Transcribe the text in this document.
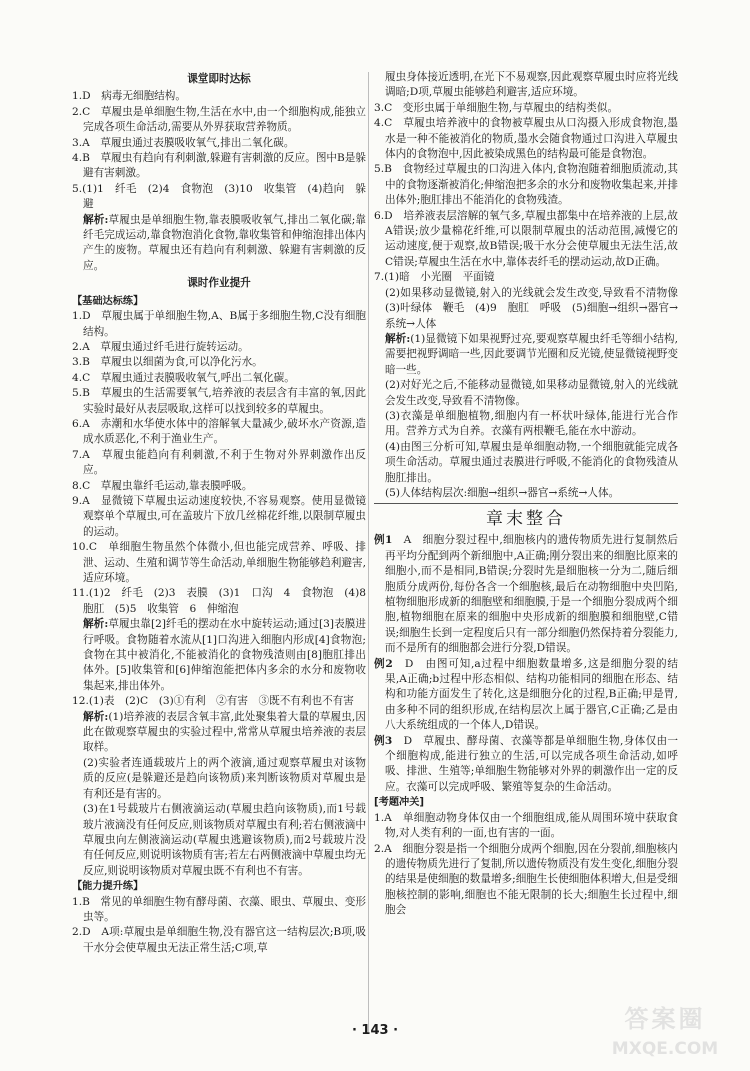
课堂即时达标

1.D　病毒无细胞结构。

2.C　草履虫是单细胞生物,生活在水中,由一个细胞构成,能独立完成各项生命活动,需要从外界获取营养物质。

3.A　草履虫通过表膜吸收氧气,排出二氧化碳。

4.B　草履虫有趋向有利刺激,躲避有害刺激的反应。图中B是躲避有害刺激。

5.(1)1　纤毛　(2)4　食物泡　(3)10　收集管　(4)趋向　躲避

解析:草履虫是单细胞生物,靠表膜吸收氧气,排出二氧化碳;靠纤毛完成运动,靠食物泡消化食物,靠收集管和伸缩泡排出体内产生的废物。草履虫还有趋向有利刺激、躲避有害刺激的反应。

课时作业提升

【基础达标练】

1.D　草履虫属于单细胞生物,A、B属于多细胞生物,C没有细胞结构。

2.A　草履虫通过纤毛进行旋转运动。

3.B　草履虫以细菌为食,可以净化污水。

4.C　草履虫通过表膜吸收氧气,呼出二氧化碳。

5.B　草履虫的生活需要氧气,培养液的表层含有丰富的氧,因此实验时最好从表层吸取,这样可以找到较多的草履虫。

6.A　赤潮和水华使水体中的溶解氧大量减少,破坏水产资源,造成水质恶化,不利于渔业生产。

7.A　草履虫能趋向有利刺激,不利于生物对外界刺激作出反应。

8.C　草履虫靠纤毛运动,靠表膜呼吸。

9.A　显微镜下草履虫运动速度较快,不容易观察。使用显微镜观察单个草履虫,可在盖玻片下放几丝棉花纤维,以限制草履虫的运动。

10.C　单细胞生物虽然个体微小,但也能完成营养、呼吸、排泄、运动、生殖和调节等生命活动,单细胞生物能够趋利避害,适应环境。

11.(1)2　纤毛　(2)3　表膜　(3)1　口沟　4　食物泡　(4)8　胞肛　(5)5　收集管　6　伸缩泡

解析:草履虫靠[2]纤毛的摆动在水中旋转运动;通过[3]表膜进行呼吸。食物随着水流从[1]口沟进入细胞内形成[4]食物泡;食物在其中被消化,不能被消化的食物残渣则由[8]胞肛排出体外。[5]收集管和[6]伸缩泡能把体内多余的水分和废物收集起来,排出体外。

12.(1)表　(2)C　(3)①有利　②有害　③既不有利也不有害

解析:(1)培养液的表层含氧丰富,此处聚集着大量的草履虫,因此在做观察草履虫的实验过程中,常常从草履虫培养液的表层取样。

(2)实验者连通载玻片上的两个液滴,通过观察草履虫对该物质的反应(是躲避还是趋向该物质)来判断该物质对草履虫是有利还是有害的。

(3)在1号载玻片右侧液滴运动(草履虫趋向该物质),而1号载玻片液滴没有任何反应,则该物质对草履虫有利;若右侧液滴中草履虫向左侧液滴运动(草履虫逃避该物质),而2号载玻片没有任何反应,则说明该物质有害;若左右两侧液滴中草履虫均无反应,则说明该物质对草履虫既不有利也不有害。

【能力提升练】

1.B　常见的单细胞生物有酵母菌、衣藻、眼虫、草履虫、变形虫等。

2.D　A项:草履虫是单细胞生物,没有器官这一结构层次;B项,吸干水分会使草履虫无法正常生活;C项,草

履虫身体接近透明,在光下不易观察,因此观察草履虫时应将光线调暗;D项,草履虫能够趋利避害,适应环境。

3.C　变形虫属于单细胞生物,与草履虫的结构类似。

4.C　草履虫培养液中的食物被草履虫从口沟摄入形成食物泡,墨水是一种不能被消化的物质,墨水会随食物通过口沟进入草履虫体内的食物泡中,因此被染成黑色的结构最可能是食物泡。

5.B　食物经过草履虫的口沟进入体内,食物泡随着细胞质流动,其中的食物逐渐被消化;伸缩泡把多余的水分和废物收集起来,并排出体外;胞肛排出不能消化的食物残渣。

6.D　培养液表层溶解的氧气多,草履虫都集中在培养液的上层,故A错误;放少量棉花纤维,可以限制草履虫的活动范围,减慢它的运动速度,便于观察,故B错误;吸干水分会使草履虫无法生活,故C错误;草履虫生活在水中,靠体表纤毛的摆动运动,故D正确。

7.(1)暗　小光圈　平面镜

(2)如果移动显微镜,射入的光线就会发生改变,导致看不清物像　(3)叶绿体　鞭毛　(4)9　胞肛　呼吸　(5)细胞→组织→器官→系统→人体

解析:(1)显微镜下如果视野过亮,要观察草履虫纤毛等细小结构,需要把视野调暗一些,因此要调节光圈和反光镜,使显微镜视野变暗一些。

(2)对好光之后,不能移动显微镜,如果移动显微镜,射入的光线就会发生改变,导致看不清物像。

(3)衣藻是单细胞植物,细胞内有一杯状叶绿体,能进行光合作用。营养方式为自养。衣藻有两根鞭毛,能在水中游动。

(4)由图三分析可知,草履虫是单细胞动物,一个细胞就能完成各项生命活动。草履虫通过表膜进行呼吸,不能消化的食物残渣从胞肛排出。

(5)人体结构层次:细胞→组织→器官→系统→人体。

章末整合

例1　A　细胞分裂过程中,细胞核内的遗传物质先进行复制然后再平均分配到两个新细胞中,A正确;刚分裂出来的细胞比原来的细胞小,而不是相同,B错误;分裂时先是细胞核一分为二,随后细胞质分成两份,每份各含一个细胞核,最后在动物细胞中央凹陷,植物细胞形成新的细胞壁和细胞膜,于是一个细胞分裂成两个细胞,植物细胞在原来的细胞中央形成新的细胞膜和细胞壁,C错误;细胞生长到一定程度后只有一部分细胞仍然保持着分裂能力,而不是所有的细胞都会进行分裂,D错误。

例2　D　由图可知,a过程中细胞数量增多,这是细胞分裂的结果,A正确;b过程中形态相似、结构功能相同的细胞在形态、结构和功能方面发生了转化,这是细胞分化的过程,B正确;甲是胃,由多种不同的组织形成,在结构层次上属于器官,C正确;乙是由八大系统组成的一个体人,D错误。

例3　D　草履虫、酵母菌、衣藻等都是单细胞生物,身体仅由一个细胞构成,能进行独立的生活,可以完成各项生命活动,如呼吸、排泄、生殖等;单细胞生物能够对外界的刺激作出一定的反应。衣藻可以完成呼吸、繁殖等复杂的生命活动。

[考题冲关]

1.A　单细胞动物身体仅由一个细胞组成,能从周围环境中获取食物,对人类有利的一面,也有害的一面。

2.A　细胞分裂是指一个细胞分成两个细胞,因在分裂前,细胞核内的遗传物质先进行了复制,所以遗传物质没有发生变化,细胞分裂的结果是使细胞的数量增多;细胞生长使细胞体积增大,但是受细胞核控制的影响,细胞也不能无限制的长大;细胞生长过程中,细胞会

· 143 ·	答案圈
MXQE.COM
